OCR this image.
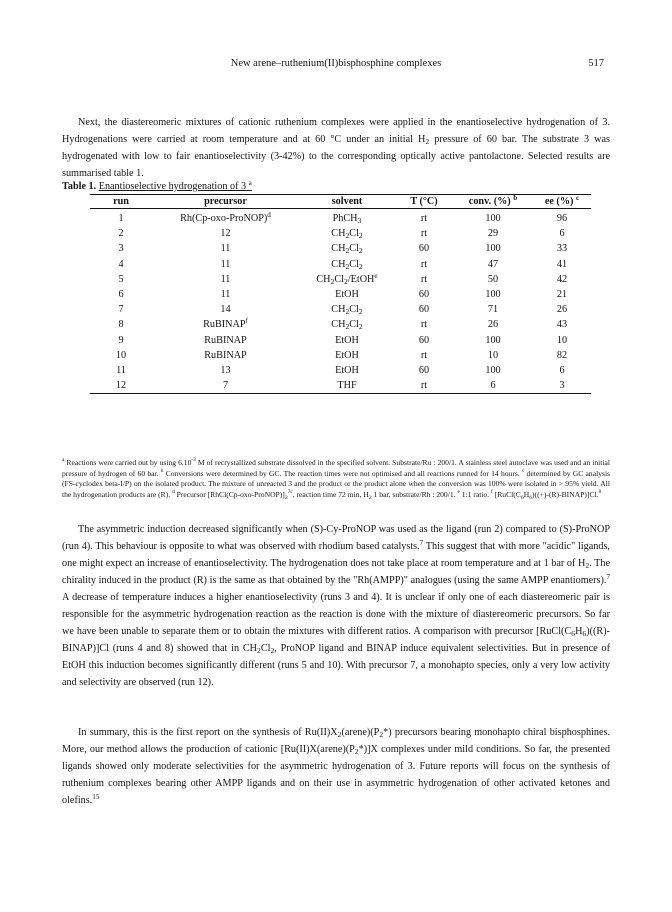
New arene–ruthenium(II)bisphosphine complexes	517

Next, the diastereomeric mixtures of cationic ruthenium complexes were applied in the enantioselective hydrogenation of 3. Hydrogenations were carried at room temperature and at 60 °C under an initial $H_2$ pressure of 60 bar. The substrate 3 was hydrogenated with low to fair enantioselectivity (3-42%) to the corresponding optically active pantolactone. Selected results are summarised table 1.

Table 1. Enantioselective hydrogenation of 3 $^a$
run	precursor	solvent	T (°C)	conv. (%) $^b$	ee (%) $^c$
1	Rh(Cp-oxo-ProNOP)$^d$	PhCH$_3$	rt	100	96
2	12	$CH_2Cl_2$	rt	29	6
3	11	$CH_2Cl_2$	60	100	33
4	11	$CH_2Cl_2$	rt	47	41
5	11	$CH_2Cl_2/EtOH^e$	rt	50	42
6	11	EtOH	60	100	21
7	14	$CH_2Cl_2$	60	71	26
8	RuBINAP$^f$	$CH_2Cl_2$	rt	26	43
9	RuBINAP	EtOH	60	100	10
10	RuBINAP	EtOH	rt	10	82
11	13	EtOH	60	100	6
12	7	THF	rt	6	3
$^a$ Reactions were carried out by using $6.10^{-3}$ M of recrystallized substrate dissolved in the specified solvent. Substrate/Ru : 200/1. A stainless steel autoclave was used and an initial pressure of hydrogen of 60 bar. $^b$ Conversions were determined by GC. The reaction times were not optimised and all reactions runned for 14 hours. $^c$ determined by GC analysis (FS-cyclodex beta-I/P) on the isolated product. The mixture of unreacted 3 and the product or the product alone when the conversion was 100% were isolated in > 95% yield. All the hydrogenation products are (R). $^d$ Precursor $[RhCl(Cp-oxo-ProNOP)]_2^{7c}$, reaction time 72 min, $H_2$ 1 bar, substrate/Rh : 200/1. $^e$ 1:1 ratio. $^f$ $[RuCl(C_6H_6)((+)-(R)-BINAP)]Cl.^8$

The asymmetric induction decreased significantly when (S)-Cy-ProNOP was used as the ligand (run 2) compared to (S)-ProNOP (run 4). This behaviour is opposite to what was observed with rhodium based catalysts.$^7$ This suggest that with more "acidic" ligands, one might expect an increase of enantioselectivity. The hydrogenation does not take place at room temperature and at 1 bar of $H_2$. The chirality induced in the product (R) is the same as that obtained by the "Rh(AMPP)" analogues (using the same AMPP enantiomers).$^7$ A decrease of temperature induces a higher enantioselectivity (runs 3 and 4). It is unclear if only one of each diastereomeric pair is responsible for the asymmetric hydrogenation reaction as the reaction is done with the mixture of diastereomeric precursors. So far we have been unable to separate them or to obtain the mixtures with different ratios. A comparison with precursor $[RuCl(C_6H_6)((R)-BINAP)]Cl$ (runs 4 and 8) showed that in $CH_2Cl_2$, ProNOP ligand and BINAP induce equivalent selectivities. But in presence of EtOH this induction becomes significantly different (runs 5 and 10). With precursor 7, a monohapto species, only a very low activity and selectivity are observed (run 12).

In summary, this is the first report on the synthesis of $Ru(II)X_2(arene)(P_2*)$ precursors bearing monohapto chiral bisphosphines. More, our method allows the production of cationic $[Ru(II)X(arene)(P_2*)]X$ complexes under mild conditions. So far, the presented ligands showed only moderate selectivities for the asymmetric hydrogenation of 3. Future reports will focus on the synthesis of ruthenium complexes bearing other AMPP ligands and on their use in asymmetric hydrogenation of other activated ketones and olefins.$^{15}$
